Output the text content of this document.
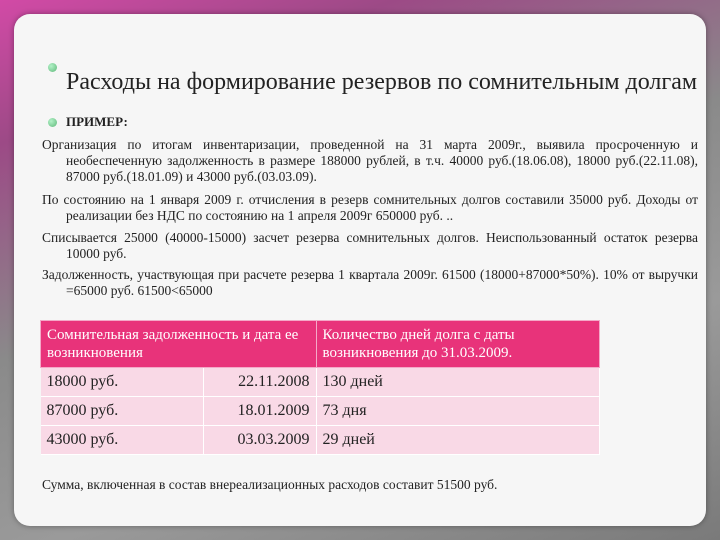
Расходы на формирование резервов по сомнительным долгам
ПРИМЕР:
Организация по итогам инвентаризации, проведенной на 31 марта 2009г., выявила просроченную и необеспеченную задолженность в размере 188000 рублей, в т.ч. 40000 руб.(18.06.08), 18000 руб.(22.11.08), 87000 руб.(18.01.09) и 43000 руб.(03.03.09).
По состоянию на 1 января 2009 г. отчисления в резерв сомнительных долгов составили 35000 руб. Доходы от реализации без НДС по состоянию на 1 апреля 2009г 650000 руб. ..
Списывается 25000 (40000-15000) засчет резерва сомнительных долгов. Неиспользованный остаток резерва 10000 руб.
Задолженность, участвующая при расчете резерва 1 квартала 2009г. 61500 (18000+87000*50%). 10% от выручки =65000 руб. 61500<65000
Сомнительная задолженность и дата ее возникновения		Количество дней долга с даты возникновения до 31.03.2009.
18000 руб.	22.11.2008	130 дней
87000 руб.	18.01.2009	73 дня
43000 руб.	03.03.2009	29 дней
Сумма, включенная в состав внереализационных расходов составит 51500 руб.
